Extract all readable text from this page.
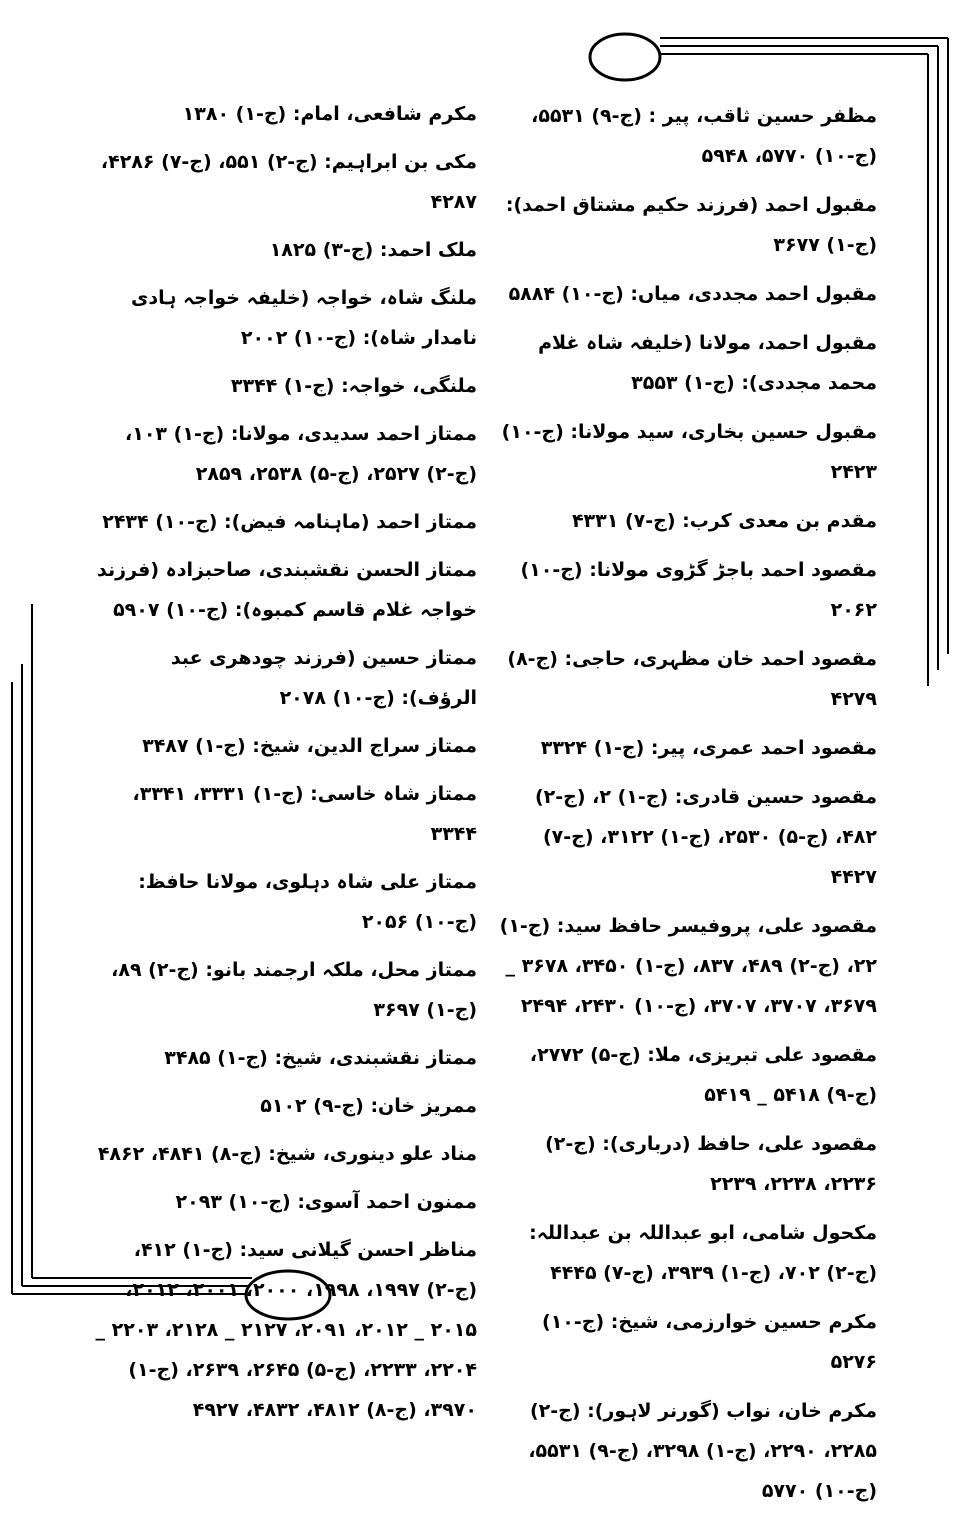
مظفر حسین ثاقب، پیر : (ج-۹) ۵۵۳۱، (ج-۱۰) ۵۷۷۰، ۵۹۴۸
مقبول احمد (فرزند حکیم مشتاق احمد): (ج-۱) ۳۶۷۷
مقبول احمد مجددی، میاں: (ج-۱۰) ۵۸۸۴
مقبول احمد، مولانا (خلیفہ شاہ غلام محمد مجددی): (ج-۱) ۳۵۵۳
مقبول حسین بخاری، سید مولانا: (ج-۱۰) ۲۴۲۳
مقدم بن معدی کرب: (ج-۷) ۴۳۳۱
مقصود احمد باجڑ گڑوی مولانا: (ج-۱۰) ۲۰۶۲
مقصود احمد خان مظہری، حاجی: (ج-۸) ۴۲۷۹
مقصود احمد عمری، پیر: (ج-۱) ۳۳۲۴
مقصود حسین قادری: (ج-۱) ۲، (ج-۲) ۴۸۲، (ج-۵) ۲۵۳۰، (ج-۱) ۳۱۲۲، (ج-۷) ۴۴۲۷
مقصود علی، پروفیسر حافظ سید: (ج-۱) ۲۲، (ج-۲) ۴۸۹، ۸۳۷، (ج-۱) ۳۴۵۰، ۳۶۷۸ _ ۳۶۷۹، ۳۷۰۷، ۳۷۰۷، (ج-۱۰) ۲۴۳۰، ۲۴۹۴
مقصود علی تبریزی، ملا: (ج-۵) ۲۷۷۲، (ج-۹) ۵۴۱۸ _ ۵۴۱۹
مقصود علی، حافظ (درباری): (ج-۲) ۲۲۳۶، ۲۲۳۸، ۲۲۳۹
مکحول شامی، ابو عبداللہ بن عبداللہ: (ج-۲) ۷۰۲، (ج-۱) ۳۹۳۹، (ج-۷) ۴۴۴۵
مکرم حسین خوارزمی، شیخ: (ج-۱۰) ۵۲۷۶
مکرم خان، نواب (گورنر لاہور): (ج-۲) ۲۲۸۵، ۲۲۹۰، (ج-۱) ۳۲۹۸، (ج-۹) ۵۵۳۱، (ج-۱۰) ۵۷۷۰
مکرم شافعی، امام: (ج-۱) ۱۳۸۰
مکی بن ابراہیم: (ج-۲) ۵۵۱، (ج-۷) ۴۲۸۶، ۴۲۸۷
ملک احمد: (ج-۳) ۱۸۲۵
ملنگ شاہ، خواجہ (خلیفہ خواجہ ہادی نامدار شاہ): (ج-۱۰) ۲۰۰۲
ملنگی، خواجہ: (ج-۱) ۳۳۴۴
ممتاز احمد سدیدی، مولانا: (ج-۱) ۱۰۳، (ج-۲) ۲۵۲۷، (ج-۵) ۲۵۳۸، ۲۸۵۹
ممتاز احمد (ماہنامہ فیض): (ج-۱۰) ۲۴۳۴
ممتاز الحسن نقشبندی، صاحبزادہ (فرزند خواجہ غلام قاسم کمبوہ): (ج-۱۰) ۵۹۰۷
ممتاز حسین (فرزند چودھری عبد الرؤف): (ج-۱۰) ۲۰۷۸
ممتاز سراج الدین، شیخ: (ج-۱) ۳۴۸۷
ممتاز شاہ خاسی: (ج-۱) ۳۳۳۱، ۳۳۴۱، ۳۳۴۴
ممتاز علی شاہ دہلوی، مولانا حافظ: (ج-۱۰) ۲۰۵۶
ممتاز محل، ملکہ ارجمند بانو: (ج-۲) ۸۹، (ج-۱) ۳۶۹۷
ممتاز نقشبندی، شیخ: (ج-۱) ۳۴۸۵
ممریز خان: (ج-۹) ۵۱۰۲
مناد علو دینوری، شیخ: (ج-۸) ۴۸۴۱، ۴۸۶۲
ممنون احمد آسوی: (ج-۱۰) ۲۰۹۳
مناظر احسن گیلانی سید: (ج-۱) ۴۱۲، (ج-۲) ۱۹۹۷، ۱۹۹۸، ۲۰۰۰، ۲۰۰۱، ۲۰۱۲، ۲۰۱۵ _ ۲۰۱۲، ۲۰۹۱، ۲۱۲۷ _ ۲۱۲۸، ۲۲۰۳ _ ۲۲۰۴، ۲۲۳۳، (ج-۵) ۲۶۴۵، ۲۶۳۹، (ج-۱) ۳۹۷۰، (ج-۸) ۴۸۱۲، ۴۸۳۲، ۴۹۲۷
